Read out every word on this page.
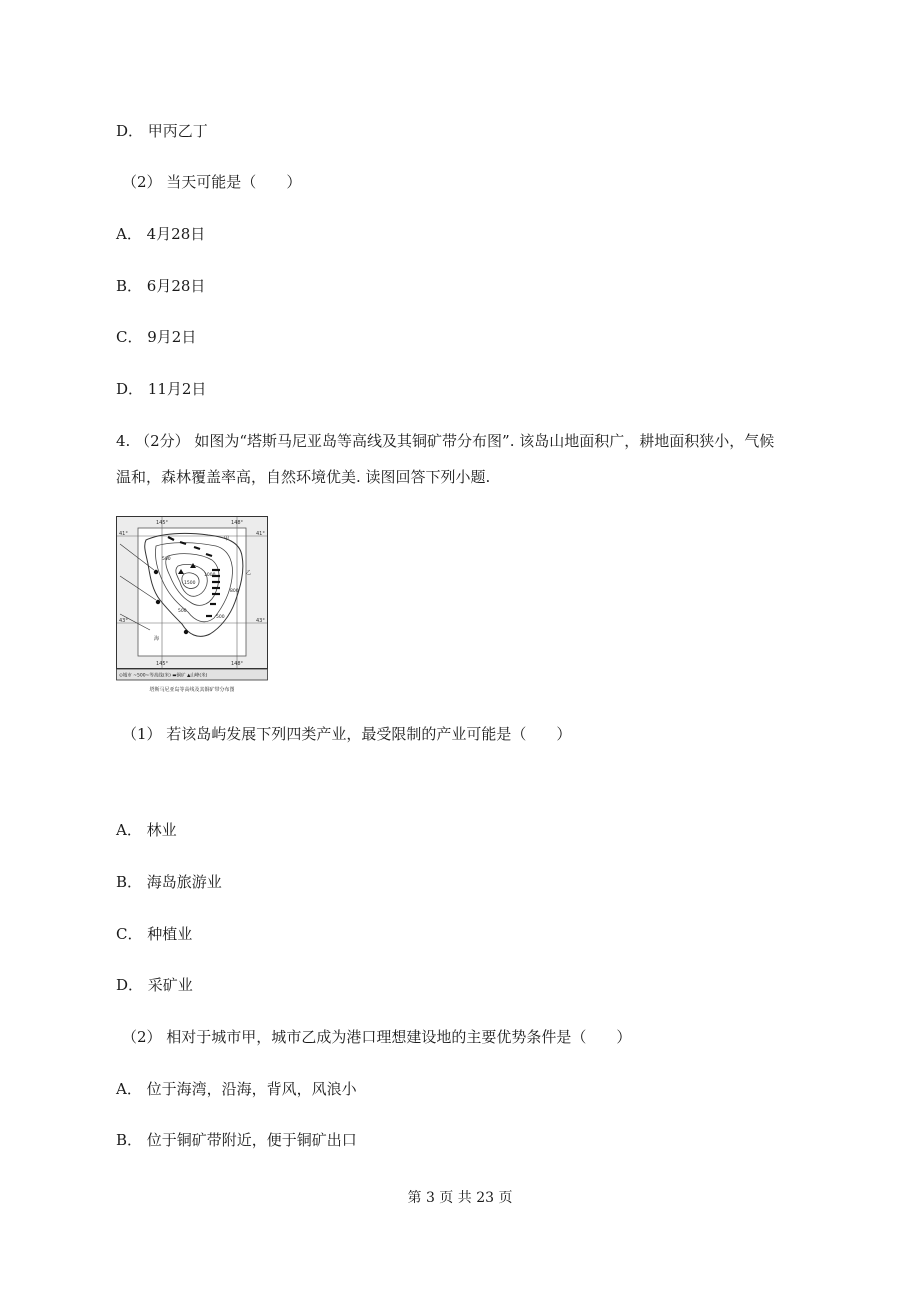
D． 甲丙乙丁
（2） 当天可能是（　　）
A． 4月28日
B． 6月28日
C． 9月2日
D． 11月2日
4. （2分） 如图为“塔斯马尼亚岛等高线及其铜矿带分布图”. 该岛山地面积广，耕地面积狭小，气候
温和，森林覆盖率高，自然环境优美. 读图回答下列小题.
145°	148°
145°	148°
41°
43°
41°
43°
500
1000
1500
800
500
500
甲
乙
海
⊙城市 ~500~等高线(米) ▬铜矿 ▲山峰(米)
塔斯马尼亚岛等高线及其铜矿带分布图
（1） 若该岛屿发展下列四类产业，最受限制的产业可能是（　　）
A． 林业
B． 海岛旅游业
C． 种植业
D． 采矿业
（2） 相对于城市甲，城市乙成为港口理想建设地的主要优势条件是（　　）
A． 位于海湾，沿海，背风，风浪小
B． 位于铜矿带附近，便于铜矿出口
第 3 页 共 23 页
